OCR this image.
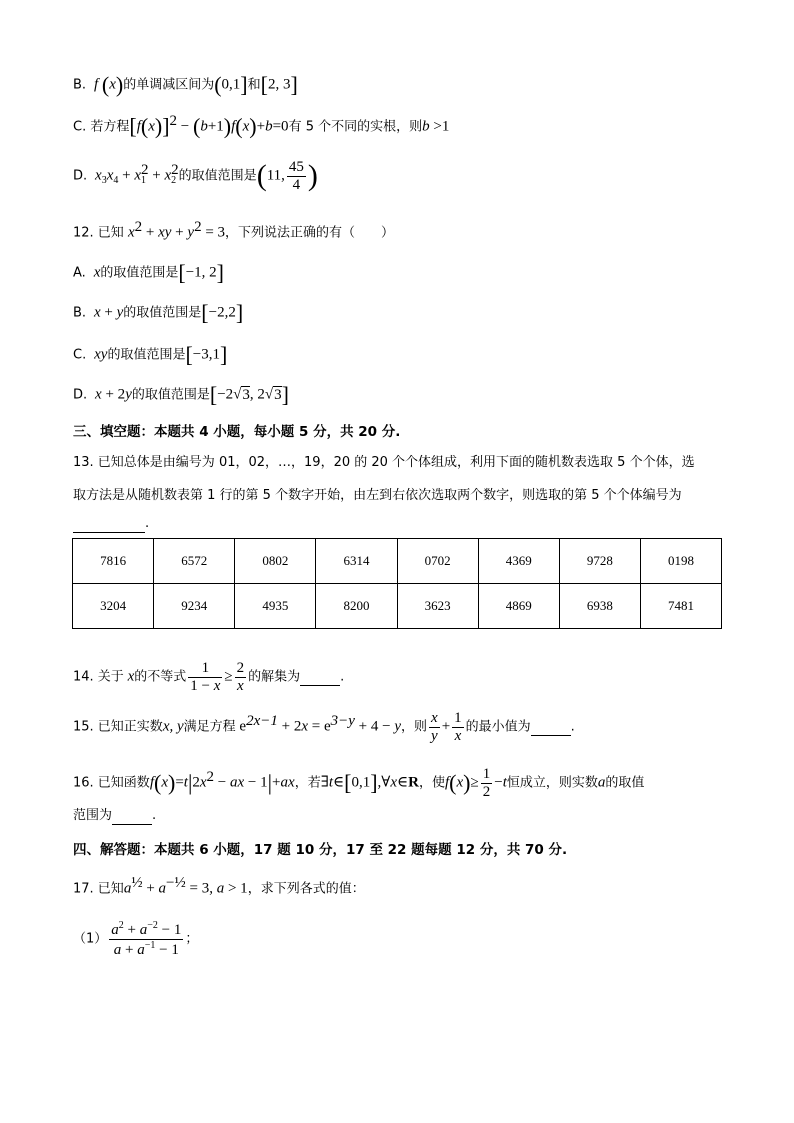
B.  f (x)的单调减区间为(0,1]和[2, 3]
C. 若方程$[f(x)]^2 - (b+1)f(x)+b=0$有 5 个不同的实根，则b >1
D.  $x_3x_4 + x_1^2 + x_2^2$的取值范围是(11, $\frac{45}{4}$ )
12. 已知 $x^2$ + xy + $y^2 = 3$，下列说法正确的有（　　）
A.  x的取值范围是[−1, 2]
B.  x + y的取值范围是[−2,2]
C.  xy的取值范围是[−3,1]
D.  x + 2y的取值范围是[−2√3, 2√3]
三、填空题：本题共 4 小题，每小题 5 分，共 20 分.
13. 已知总体是由编号为 01，02，…，19，20 的 20 个个体组成，利用下面的随机数表选取 5 个个体，选
取方法是从随机数表第 1 行的第 5 个数字开始，由左到右依次选取两个数字，则选取的第 5 个个体编号为
.
7816	6572	0802	6314	0702	4369	9728	0198
3204	9234	4935	8200	3623	4869	6938	7481
14. 关于 x的不等式 $\frac{1}{1 - x} \ge \frac{2}{x}$ 的解集为	.
15. 已知正实数x, y满足方程 $e^{2x-1} + 2x = e^{3-y} + 4 - y$，则 $\frac{x}{y} + \frac{1}{x}$ 的最小值为	.
16. 已知函数$f(x)=t|2x^2$ − ax − 1|+ax，若∃t∈[0,1],∀x∈R，使$f(x)\ge \frac{1}{2} -t$恒成立，则实数a的取值
范围为	.
四、解答题：本题共 6 小题，17 题 10 分，17 至 22 题每题 12 分，共 70 分.
17. 已知$a^{\frac{1}{2}} + a^{-\frac{1}{2}} = 3$, a > 1，求下列各式的值：
$(1) \frac{a^2 + a^{-2} - 1}{a + a^{-1} - 1}$ ；
